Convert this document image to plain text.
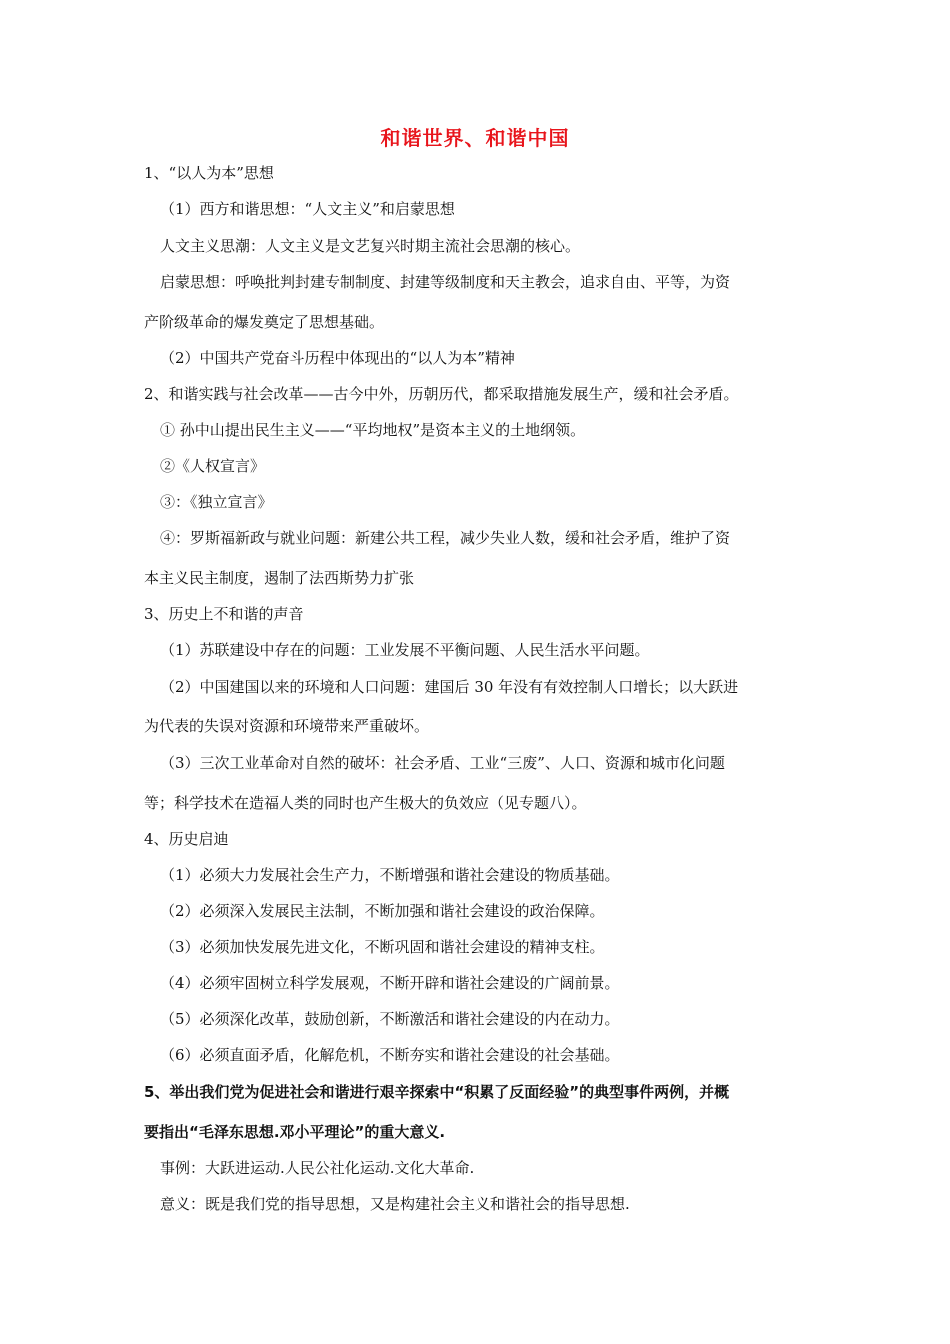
和谐世界、和谐中国
1、“以人为本”思想
（1）西方和谐思想：“人文主义”和启蒙思想
人文主义思潮：人文主义是文艺复兴时期主流社会思潮的核心。
启蒙思想：呼唤批判封建专制制度、封建等级制度和天主教会，追求自由、平等，为资
产阶级革命的爆发奠定了思想基础。
（2）中国共产党奋斗历程中体现出的“以人为本”精神
2、和谐实践与社会改革——古今中外，历朝历代，都采取措施发展生产，缓和社会矛盾。
① 孙中山提出民生主义——“平均地权”是资本主义的土地纲领。
②《人权宣言》
③：《独立宣言》
④：罗斯福新政与就业问题：新建公共工程，减少失业人数，缓和社会矛盾，维护了资
本主义民主制度，遏制了法西斯势力扩张
3、历史上不和谐的声音
（1）苏联建设中存在的问题：工业发展不平衡问题、人民生活水平问题。
（2）中国建国以来的环境和人口问题：建国后 30 年没有有效控制人口增长；以大跃进
为代表的失误对资源和环境带来严重破坏。
（3）三次工业革命对自然的破坏：社会矛盾、工业“三废”、人口、资源和城市化问题
等；科学技术在造福人类的同时也产生极大的负效应（见专题八）。
4、历史启迪
（1）必须大力发展社会生产力，不断增强和谐社会建设的物质基础。
（2）必须深入发展民主法制，不断加强和谐社会建设的政治保障。
（3）必须加快发展先进文化，不断巩固和谐社会建设的精神支柱。
（4）必须牢固树立科学发展观，不断开辟和谐社会建设的广阔前景。
（5）必须深化改革，鼓励创新，不断激活和谐社会建设的内在动力。
（6）必须直面矛盾，化解危机，不断夯实和谐社会建设的社会基础。
5、举出我们党为促进社会和谐进行艰辛探索中“积累了反面经验”的典型事件两例，并概
要指出“毛泽东思想.邓小平理论”的重大意义.
事例：大跃进运动.人民公社化运动.文化大革命.
意义：既是我们党的指导思想，又是构建社会主义和谐社会的指导思想.
